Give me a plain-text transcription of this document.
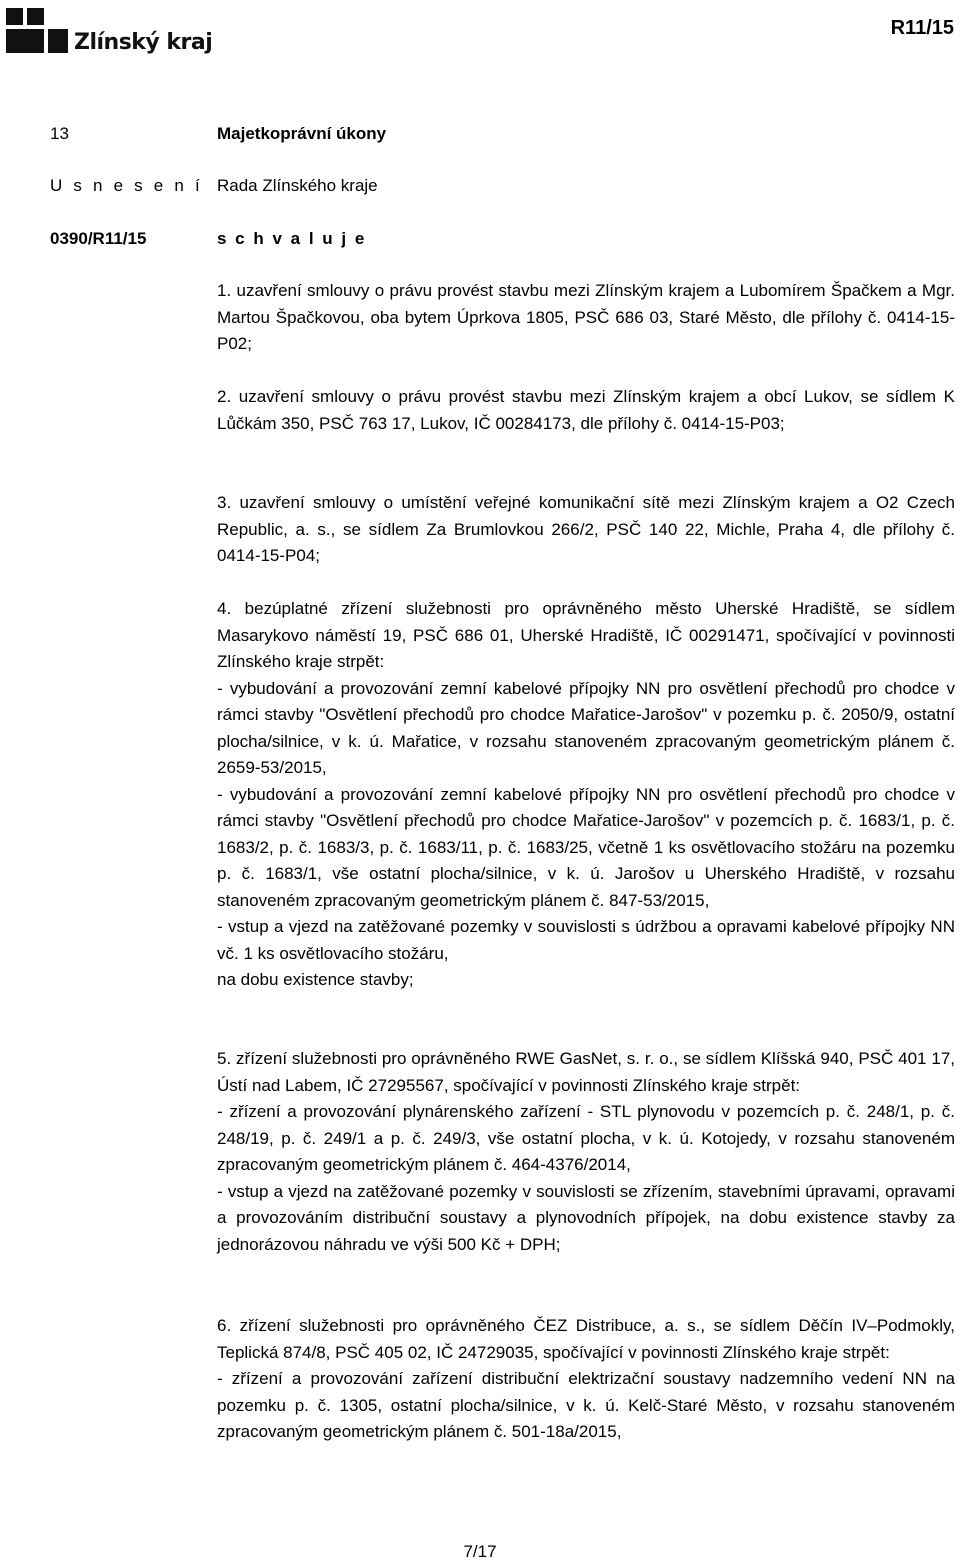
Zlínský kraj
R11/15
13	Majetkoprávní úkony
U s n e s e n í Rada Zlínského kraje
0390/R11/15	s c h v a l u j e

1. uzavření smlouvy o právu provést stavbu mezi Zlínským krajem a Lubomírem Špačkem a Mgr. Martou Špačkovou, oba bytem Úprkova 1805, PSČ 686 03, Staré Město, dle přílohy č. 0414-15-P02;

2. uzavření smlouvy o právu provést stavbu mezi Zlínským krajem a obcí Lukov, se sídlem K Lůčkám 350, PSČ 763 17, Lukov, IČ 00284173, dle přílohy č. 0414-15-P03;

3. uzavření smlouvy o umístění veřejné komunikační sítě mezi Zlínským krajem a O2 Czech Republic, a. s., se sídlem Za Brumlovkou 266/2, PSČ 140 22, Michle, Praha 4, dle přílohy č. 0414-15-P04;

4. bezúplatné zřízení služebnosti pro oprávněného město Uherské Hradiště, se sídlem Masarykovo náměstí 19, PSČ 686 01, Uherské Hradiště, IČ 00291471, spočívající v povinnosti Zlínského kraje strpět:

- vybudování a provozování zemní kabelové přípojky NN pro osvětlení přechodů pro chodce v rámci stavby "Osvětlení přechodů pro chodce Mařatice-Jarošov" v pozemku p. č. 2050/9, ostatní plocha/silnice, v k. ú. Mařatice, v rozsahu stanoveném zpracovaným geometrickým plánem č. 2659-53/2015,

- vybudování a provozování zemní kabelové přípojky NN pro osvětlení přechodů pro chodce v rámci stavby "Osvětlení přechodů pro chodce Mařatice-Jarošov" v pozemcích p. č. 1683/1, p. č. 1683/2, p. č. 1683/3, p. č. 1683/11, p. č. 1683/25, včetně 1 ks osvětlovacího stožáru na pozemku p. č. 1683/1, vše ostatní plocha/silnice, v k. ú. Jarošov u Uherského Hradiště, v rozsahu stanoveném zpracovaným geometrickým plánem č. 847-53/2015,

- vstup a vjezd na zatěžované pozemky v souvislosti s údržbou a opravami kabelové přípojky NN vč. 1 ks osvětlovacího stožáru,

na dobu existence stavby;

5. zřízení služebnosti pro oprávněného RWE GasNet, s. r. o., se sídlem Klíšská 940, PSČ 401 17, Ústí nad Labem, IČ 27295567, spočívající v povinnosti Zlínského kraje strpět:

- zřízení a provozování plynárenského zařízení - STL plynovodu v pozemcích p. č. 248/1, p. č. 248/19, p. č. 249/1 a p. č. 249/3, vše ostatní plocha, v k. ú. Kotojedy, v rozsahu stanoveném zpracovaným geometrickým plánem č. 464-4376/2014,

- vstup a vjezd na zatěžované pozemky v souvislosti se zřízením, stavebními úpravami, opravami a provozováním distribuční soustavy a plynovodních přípojek, na dobu existence stavby za jednorázovou náhradu ve výši 500 Kč + DPH;

6. zřízení služebnosti pro oprávněného ČEZ Distribuce, a. s., se sídlem Děčín IV–Podmokly, Teplická 874/8, PSČ 405 02, IČ 24729035, spočívající v povinnosti Zlínského kraje strpět:

- zřízení a provozování zařízení distribuční elektrizační soustavy nadzemního vedení NN na pozemku p. č. 1305, ostatní plocha/silnice, v k. ú. Kelč-Staré Město, v rozsahu stanoveném zpracovaným geometrickým plánem č. 501-18a/2015,

7/17
